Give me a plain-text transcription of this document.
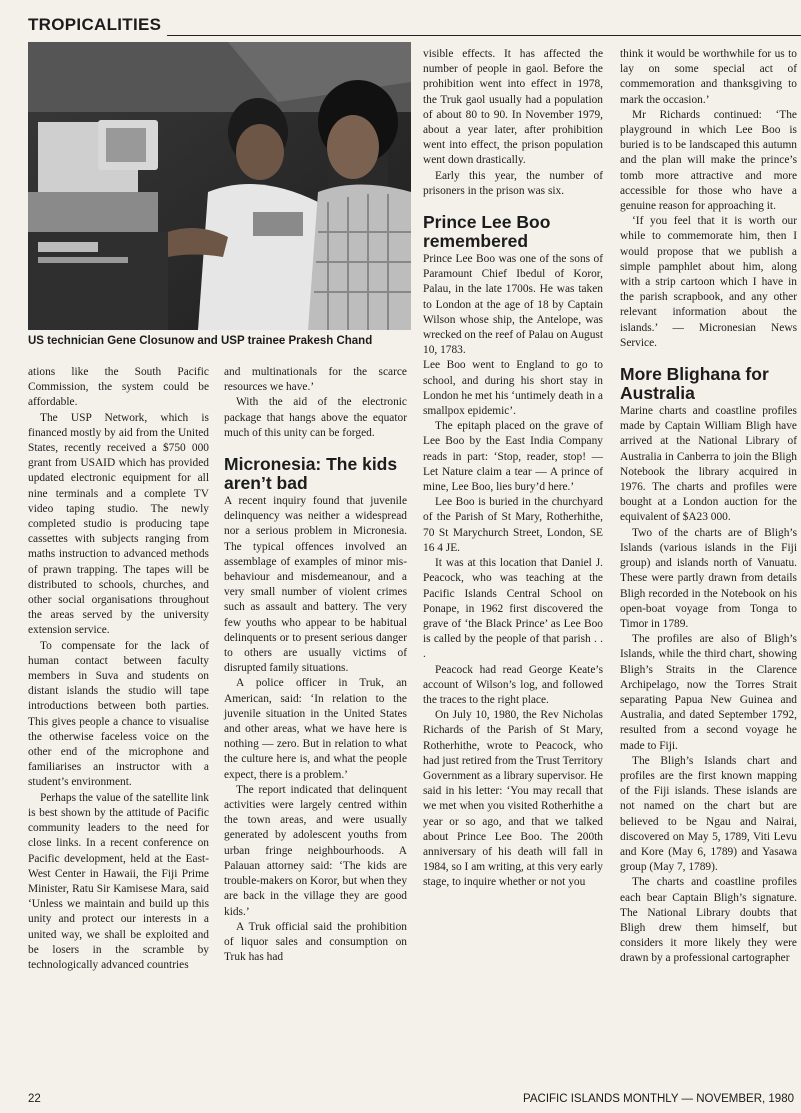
TROPICALITIES
US technician Gene Closunow and USP trainee Prakesh Chand

ations like the South Pacific Commission, the system could be affordable.

The USP Network, which is financed mostly by aid from the United States, recently received a $750 000 grant from USAID which has provided updated electronic equipment for all nine terminals and a complete TV video taping studio. The newly completed studio is producing tape cassettes with subjects ranging from maths instruction to advanced methods of prawn trapping. The tapes will be distributed to schools, churches, and other social organisations throughout the areas served by the university extension service.

To compensate for the lack of human contact between faculty members in Suva and students on distant islands the studio will tape introductions between both parties. This gives people a chance to visualise the otherwise faceless voice on the other end of the microphone and familiarises an instructor with a student’s environment.

Perhaps the value of the satellite link is best shown by the attitude of Pacific community leaders to the need for close links. In a recent conference on Pacific development, held at the East-West Center in Hawaii, the Fiji Prime Minister, Ratu Sir Kamisese Mara, said ‘Unless we maintain and build up this unity and protect our interests in a united way, we shall be exploited and be losers in the scramble by technologically advanced countries

and multinationals for the scarce resources we have.’

With the aid of the electronic package that hangs above the equator much of this unity can be forged.

Micronesia: The kids aren’t bad

A recent inquiry found that juvenile delinquency was neither a widespread nor a serious problem in Micronesia. The typical offences involved an assemblage of examples of minor mis-behaviour and misdemeanour, and a very small number of violent crimes such as assault and battery. The very few youths who appear to be habitual delinquents or to present serious danger to others are usually victims of disrupted family situations.

A police officer in Truk, an American, said: ‘In relation to the juvenile situation in the United States and other areas, what we have here is nothing — zero. But in relation to what the culture here is, and what the people expect, there is a problem.’

The report indicated that delinquent activities were largely centred within the town areas, and were usually generated by adolescent youths from urban fringe neighbourhoods. A Palauan attorney said: ‘The kids are trouble-makers on Koror, but when they are back in the village they are good kids.’

A Truk official said the prohibition of liquor sales and consumption on Truk has had

visible effects. It has affected the number of people in gaol. Before the prohibition went into effect in 1978, the Truk gaol usually had a population of about 80 to 90. In November 1979, about a year later, after prohibition went into effect, the prison population went down drastically.

Early this year, the number of prisoners in the prison was six.

Prince Lee Boo remembered

Prince Lee Boo was one of the sons of Paramount Chief Ibedul of Koror, Palau, in the late 1700s. He was taken to London at the age of 18 by Captain Wilson whose ship, the Antelope, was wrecked on the reef of Palau on August 10, 1783.

Lee Boo went to England to go to school, and during his short stay in London he met his ‘untimely death in a smallpox epidemic’.

The epitaph placed on the grave of Lee Boo by the East India Company reads in part: ‘Stop, reader, stop! — Let Nature claim a tear — A prince of mine, Lee Boo, lies bury’d here.’

Lee Boo is buried in the churchyard of the Parish of St Mary, Rotherhithe, 70 St Marychurch Street, London, SE 16 4 JE.

It was at this location that Daniel J. Peacock, who was teaching at the Pacific Islands Central School on Ponape, in 1962 first discovered the grave of ‘the Black Prince’ as Lee Boo is called by the people of that parish . . .

Peacock had read George Keate’s account of Wilson’s log, and followed the traces to the right place.

On July 10, 1980, the Rev Nicholas Richards of the Parish of St Mary, Rotherhithe, wrote to Peacock, who had just retired from the Trust Territory Government as a library supervisor. He said in his letter: ‘You may recall that we met when you visited Rotherhithe a year or so ago, and that we talked about Prince Lee Boo. The 200th anniversary of his death will fall in 1984, so I am writing, at this very early stage, to inquire whether or not you

think it would be worthwhile for us to lay on some special act of commemoration and thanksgiving to mark the occasion.’

Mr Richards continued: ‘The playground in which Lee Boo is buried is to be landscaped this autumn and the plan will make the prince’s tomb more attractive and more accessible for those who have a genuine reason for approaching it.

‘If you feel that it is worth our while to commemorate him, then I would propose that we publish a simple pamphlet about him, along with a strip cartoon which I have in the parish scrapbook, and any other relevant information about the islands.’ — Micronesian News Service.

More Blighana for Australia

Marine charts and coastline profiles made by Captain William Bligh have arrived at the National Library of Australia in Canberra to join the Bligh Notebook the library acquired in 1976. The charts and profiles were bought at a London auction for the equivalent of $A23 000.

Two of the charts are of Bligh’s Islands (various islands in the Fiji group) and islands north of Vanuatu. These were partly drawn from details Bligh recorded in the Notebook on his open-boat voyage from Tonga to Timor in 1789.

The profiles are also of Bligh’s Islands, while the third chart, showing Bligh’s Straits in the Clarence Archipelago, now the Torres Strait separating Papua New Guinea and Australia, and dated September 1792, resulted from a second voyage he made to Fiji.

The Bligh’s Islands chart and profiles are the first known mapping of the Fiji islands. These islands are not named on the chart but are believed to be Ngau and Nairai, discovered on May 5, 1789, Viti Levu and Kore (May 6, 1789) and Yasawa group (May 7, 1789).

The charts and coastline profiles each bear Captain Bligh’s signature. The National Library doubts that Bligh drew them himself, but considers it more likely they were drawn by a professional cartographer

22	PACIFIC ISLANDS MONTHLY — NOVEMBER, 1980
